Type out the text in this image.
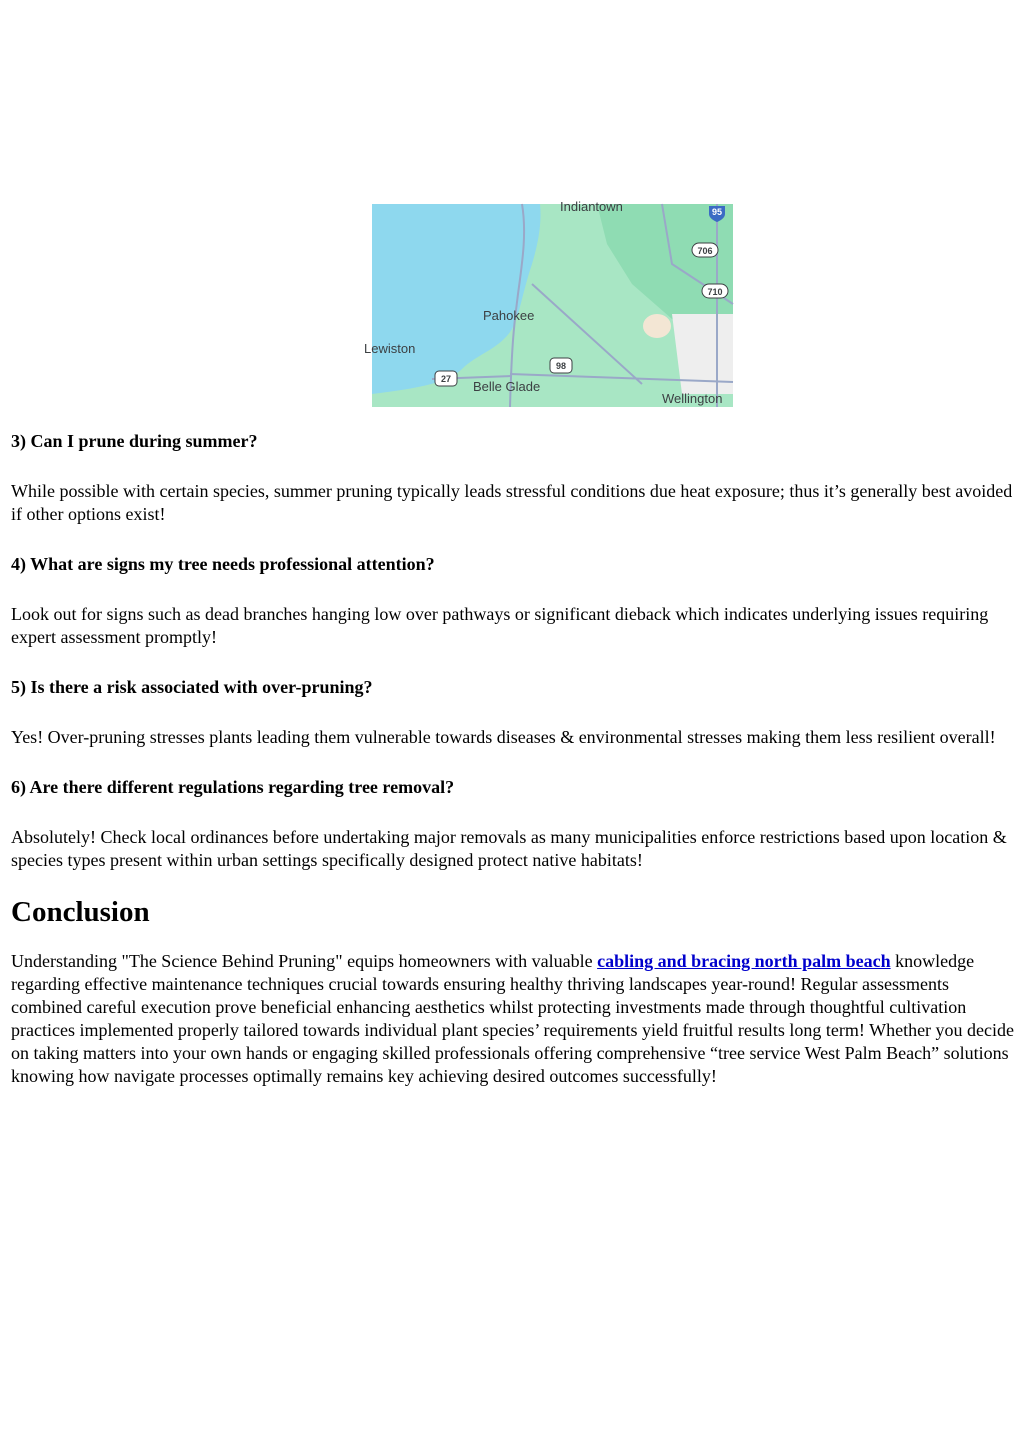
95
706
710
98
27
Indiantown
Pahokee
Lewiston
Belle Glade
Wellington

3) Can I prune during summer?

While possible with certain species, summer pruning typically leads stressful conditions due heat exposure; thus it’s generally best avoided if other options exist!

4) What are signs my tree needs professional attention?

Look out for signs such as dead branches hanging low over pathways or significant dieback which indicates underlying issues requiring expert assessment promptly!

5) Is there a risk associated with over-pruning?

Yes! Over-pruning stresses plants leading them vulnerable towards diseases & environmental stresses making them less resilient overall!

6) Are there different regulations regarding tree removal?

Absolutely! Check local ordinances before undertaking major removals as many municipalities enforce restrictions based upon location & species types present within urban settings specifically designed protect native habitats!

Conclusion

Understanding "The Science Behind Pruning" equips homeowners with valuable cabling and bracing north palm beach knowledge regarding effective maintenance techniques crucial towards ensuring healthy thriving landscapes year-round! Regular assessments combined careful execution prove beneficial enhancing aesthetics whilst protecting investments made through thoughtful cultivation practices implemented properly tailored towards individual plant species’ requirements yield fruitful results long term! Whether you decide on taking matters into your own hands or engaging skilled professionals offering comprehensive “tree service West Palm Beach” solutions knowing how navigate processes optimally remains key achieving desired outcomes successfully!
